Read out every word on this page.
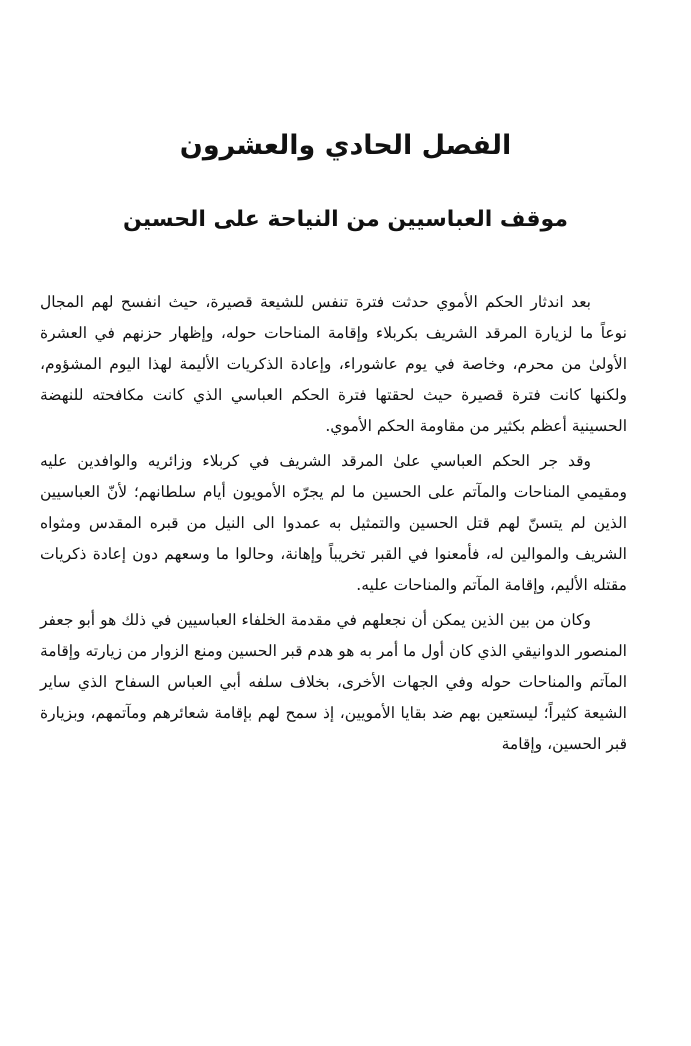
الفصل الحادي والعشرون
موقف العباسيين من النياحة على الحسين

بعد اندثار الحكم الأموي حدثت فترة تنفس للشيعة قصيرة، حيث انفسح لهم المجال نوعاً ما لزيارة المرقد الشريف بكربلاء وإقامة المناحات حوله، وإظهار حزنهم في العشرة الأولىٰ من محرم، وخاصة في يوم عاشوراء، وإعادة الذكريات الأليمة لهذا اليوم المشؤوم، ولكنها كانت فترة قصيرة حيث لحقتها فترة الحكم العباسي الذي كانت مكافحته للنهضة الحسينية أعظم بكثير من مقاومة الحكم الأموي.

وقد جر الحكم العباسي علىٰ المرقد الشريف في كربلاء وزائريه والوافدين عليه ومقيمي المناحات والمآتم على الحسين ما لم يجرّه الأمويون أيام سلطانهم؛ لأنّ العباسيين الذين لم يتسنّ لهم قتل الحسين والتمثيل به عمدوا الى النيل من قبره المقدس ومثواه الشريف والموالين له، فأمعنوا في القبر تخريباً وإهانة، وحالوا ما وسعهم دون إعادة ذكريات مقتله الأليم، وإقامة المآتم والمناحات عليه.

وكان من بين الذين يمكن أن نجعلهم في مقدمة الخلفاء العباسيين في ذلك هو أبو جعفر المنصور الدوانيقي الذي كان أول ما أمر به هو هدم قبر الحسين ومنع الزوار من زيارته وإقامة المآتم والمناحات حوله وفي الجهات الأخرى، بخلاف سلفه أبي العباس السفاح الذي ساير الشيعة كثيراً؛ ليستعين بهم ضد بقايا الأمويين، إذ سمح لهم بإقامة شعائرهم ومآتمهم، وبزيارة قبر الحسين، وإقامة
